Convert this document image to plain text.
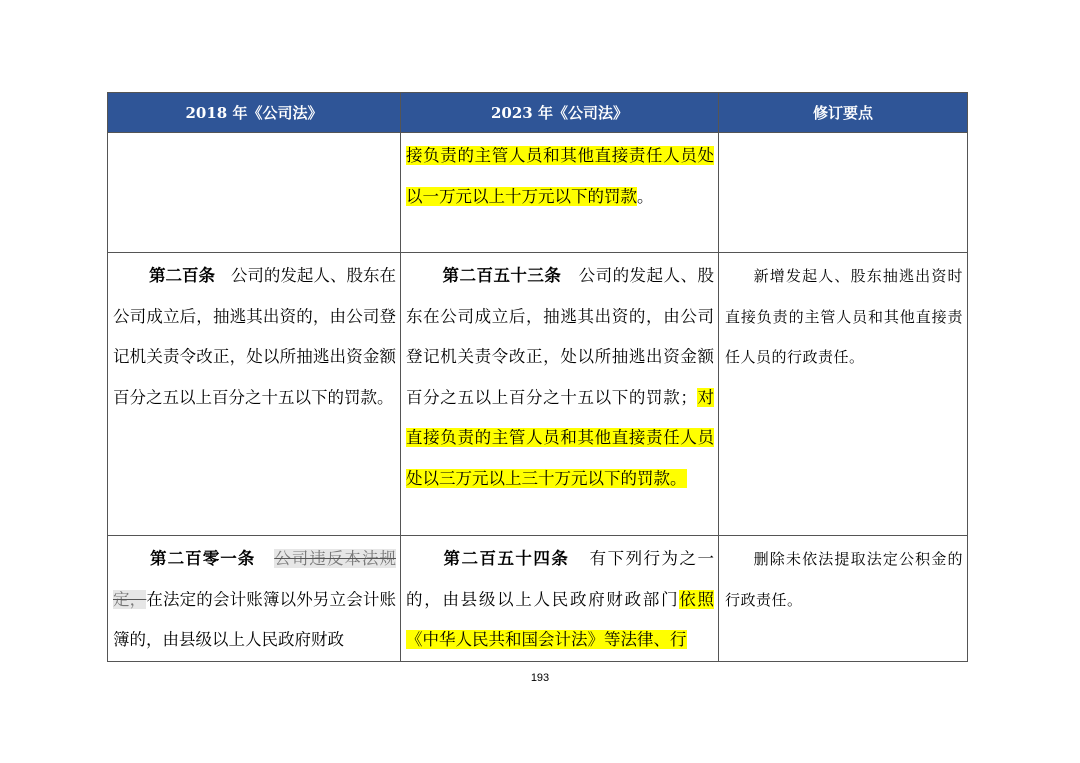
2018 年《公司法》	2023 年《公司法》	修订要点

	接负责的主管人员和其他直接责任人员处以一万元以上十万元以下的罚款。	

第二百条 公司的发起人、股东在公司成立后，抽逃其出资的，由公司登记机关责令改正，处以所抽逃出资金额百分之五以上百分之十五以下的罚款。	第二百五十三条 公司的发起人、股东在公司成立后，抽逃其出资的，由公司登记机关责令改正，处以所抽逃出资金额百分之五以上百分之十五以下的罚款；对直接负责的主管人员和其他直接责任人员处以三万元以上三十万元以下的罚款。	新增发起人、股东抽逃出资时直接负责的主管人员和其他直接责任人员的行政责任。

第二百零一条 公司违反本法规定，在法定的会计账簿以外另立会计账簿的，由县级以上人民政府财政	第二百五十四条 有下列行为之一的，由县级以上人民政府财政部门依照《中华人民共和国会计法》等法律、行	删除未依法提取法定公积金的行政责任。
193
